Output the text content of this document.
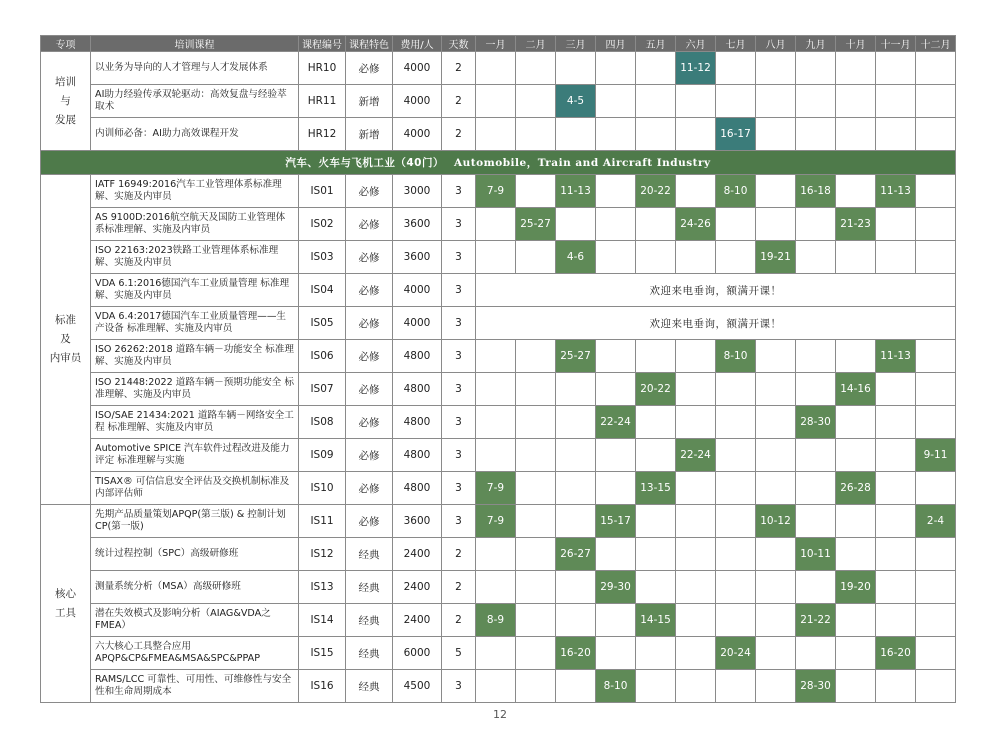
专项	培训课程	课程编号	课程特色	费用/人	天数	一月	二月	三月	四月	五月	六月	七月	八月	九月	十月	十一月	十二月

培训
与
发展	以业务为导向的人才管理与人才发展体系	HR10	必修	4000	2						11-12						
	AI助力经验传承双轮驱动：高效复盘与经验萃取术	HR11	新增	4000	2			4-5									
	内训师必备：AI助力高效课程开发	HR12	新增	4000	2							16-17					
汽车、火车与飞机工业（40门） Automobile，Train and Aircraft Industry																	

标准
及
内审员	IATF 16949:2016汽车工业管理体系标准理解、实施及内审员	IS01	必修	3000	3	7-9		11-13		20-22		8-10		16-18		11-13	
	AS 9100D:2016航空航天及国防工业管理体系标准理解、实施及内审员	IS02	必修	3600	3		25-27				24-26				21-23		
	ISO 22163:2023铁路工业管理体系标准理解、实施及内审员	IS03	必修	3600	3			4-6					19-21				
	VDA 6.1:2016德国汽车工业质量管理 标准理解、实施及内审员	IS04	必修	4000	3	欢迎来电垂询，额满开课！											
	VDA 6.4:2017德国汽车工业质量管理——生产设备 标准理解、实施及内审员	IS05	必修	4000	3	欢迎来电垂询，额满开课！											
	ISO 26262:2018 道路车辆－功能安全 标准理解、实施及内审员	IS06	必修	4800	3			25-27				8-10				11-13	
	ISO 21448:2022 道路车辆－预期功能安全 标准理解、实施及内审员	IS07	必修	4800	3					20-22					14-16		
	ISO/SAE 21434:2021 道路车辆－网络安全工程 标准理解、实施及内审员	IS08	必修	4800	3				22-24					28-30			
	Automotive SPICE 汽车软件过程改进及能力评定 标准理解与实施	IS09	必修	4800	3						22-24						9-11
	TISAX® 可信信息安全评估及交换机制标准及内部评估师	IS10	必修	4800	3	7-9				13-15					26-28		

核心
工具	先期产品质量策划APQP(第三版) & 控制计划CP(第一版)	IS11	必修	3600	3	7-9			15-17				10-12				2-4
	统计过程控制（SPC）高级研修班	IS12	经典	2400	2			26-27						10-11			
	测量系统分析（MSA）高级研修班	IS13	经典	2400	2				29-30						19-20		
	潜在失效模式及影响分析（AIAG&VDA之FMEA）	IS14	经典	2400	2	8-9				14-15				21-22			
	六大核心工具整合应用 APQP&CP&FMEA&MSA&SPC&PPAP	IS15	经典	6000	5			16-20				20-24				16-20	
	RAMS/LCC 可靠性、可用性、可维修性与安全性和生命周期成本	IS16	经典	4500	3				8-10					28-30			
12
